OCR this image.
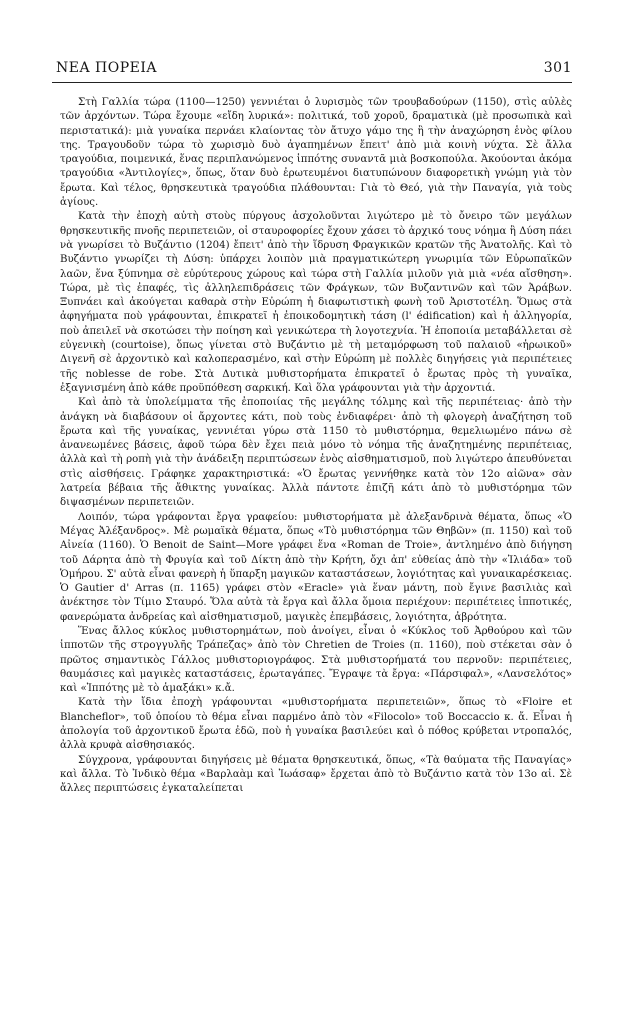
ΝΕΑ ΠΟΡΕΙΑ	301

Στὴ Γαλλία τώρα (1100—1250) γεννιέται ὁ λυρισμὸς τῶν τρουβαδούρων (1150), στὶς αὐλὲς τῶν ἀρχόντων. Τώρα ἔχουμε «εἴδη λυρικά»: πολιτικά, τοῦ χοροῦ, δραματικὰ (μὲ προσωπικὰ καὶ περιστατικά): μιὰ γυναίκα περνάει κλαίοντας τὸν ἄτυχο γάμο της ἢ τὴν ἀναχώρηση ἑνὸς φίλου της. Τραγουδοῦν τώρα τὸ χωρισμὸ δυὸ ἀγαπημένων ἔπειτ' ἀπὸ μιὰ κοινὴ νύχτα. Σὲ ἄλλα τραγούδια, ποιμενικά, ἕνας περιπλανώμενος ἱππότης συναντᾶ μιὰ βοσκοπούλα. Ἀκούονται ἀκόμα τραγούδια «Ἀντιλογίες», ὅπως, ὅταν δυὸ ἐρωτευμένοι διατυπώνουν διαφορετικὴ γνώμη γιὰ τὸν ἔρωτα. Καὶ τέλος, θρησκευτικὰ τραγούδια πλάθουνται: Γιὰ τὸ Θεό, γιὰ τὴν Παναγία, γιὰ τοὺς ἁγίους.

Κατὰ τὴν ἐποχὴ αὐτὴ στοὺς πύργους ἀσχολοῦνται λιγώτερο μὲ τὸ ὄνειρο τῶν μεγάλων θρησκευτικῆς πνοῆς περιπετειῶν, οἱ σταυροφορίες ἔχουν χάσει τὸ ἀρχικό τους νόημα ἢ Δύση πάει νὰ γνωρίσει τὸ Βυζάντιο (1204) ἔπειτ' ἀπὸ τὴν ἵδρυση Φραγκικῶν κρατῶν τῆς Ἀνατολῆς. Καὶ τὸ Βυζάντιο γνωρίζει τὴ Δύση: ὑπάρχει λοιπὸν μιὰ πραγματικώτερη γνωριμία τῶν Εὐρωπαϊκῶν λαῶν, ἕνα ξύπνημα σὲ εὐρύτερους χώρους καὶ τώρα στὴ Γαλλία μιλοῦν γιὰ μιὰ «νέα αἴσθηση». Τώρα, μὲ τὶς ἐπαφές, τὶς ἀλληλεπιδράσεις τῶν Φράγκων, τῶν Βυζαντινῶν καὶ τῶν Ἀράβων. Ξυπνάει καὶ ἀκούγεται καθαρὰ στὴν Εὐρώπη ἡ διαφωτιστικὴ φωνὴ τοῦ Ἀριστοτέλη. Ὅμως στὰ ἀφηγήματα ποὺ γράφουνται, ἐπικρατεῖ ἡ ἐποικοδομητικὴ τάση (l' édification) καὶ ἡ ἀλληγορία, ποὺ ἀπειλεῖ νὰ σκοτώσει τὴν ποίηση καὶ γενικώτερα τὴ λογοτεχνία. Ἡ ἐποποιία μεταβάλλεται σὲ εὐγενικὴ (courtoise), ὅπως γίνεται στὸ Βυζάντιο μὲ τὴ μεταμόρφωση τοῦ παλαιοῦ «ἡρωικοῦ» Διγενῆ σὲ ἀρχοντικὸ καὶ καλοπερασμένο, καὶ στὴν Εὐρώπη μὲ πολλὲς διηγήσεις γιὰ περιπέτειες τῆς noblesse de robe. Στὰ Δυτικὰ μυθιστορήματα ἐπικρατεῖ ὁ ἔρωτας πρὸς τὴ γυναῖκα, ἐξαγνισμένη ἀπὸ κάθε προϋπόθεση σαρκική. Καὶ ὅλα γράφουνται γιὰ τὴν ἀρχοντιά.

Καὶ ἀπὸ τὰ ὑπολείμματα τῆς ἐποποιίας τῆς μεγάλης τόλμης καὶ τῆς περιπέτειας· ἀπὸ τὴν ἀνάγκη νὰ διαβάσουν οἱ ἄρχοντες κάτι, ποὺ τοὺς ἐνδιαφέρει· ἀπὸ τὴ φλογερὴ ἀναζήτηση τοῦ ἔρωτα καὶ τῆς γυναίκας, γεννιέται γύρω στὰ 1150 τὸ μυθιστόρημα, θεμελιωμένο πάνω σὲ ἀνανεωμένες βάσεις, ἀφοῦ τώρα δὲν ἔχει πειὰ μόνο τὸ νόημα τῆς ἀναζητημένης περιπέτειας, ἀλλὰ καὶ τὴ ροπὴ γιὰ τὴν ἀνάδειξη περιπτώσεων ἑνὸς αἰσθηματισμοῦ, ποὺ λιγώτερο ἀπευθύνεται στὶς αἰσθήσεις. Γράφηκε χαρακτηριστικά: «Ὁ ἔρωτας γεννήθηκε κατὰ τὸν 12ο αἰῶνα» σὰν λατρεία βέβαια τῆς ἄθικτης γυναίκας. Ἀλλὰ πάντοτε ἐπιζῆ κάτι ἀπὸ τὸ μυθιστόρημα τῶν διψασμένων περιπετειῶν.

Λοιπόν, τώρα γράφονται ἔργα γραφείου: μυθιστορήματα μὲ ἀλεξανδρινὰ θέματα, ὅπως «Ὁ Μέγας Ἀλέξανδρος». Μὲ ρωμαϊκὰ θέματα, ὅπως «Τὸ μυθιστόρημα τῶν Θηβῶν» (π. 1150) καὶ τοῦ Αἰνεία (1160). Ὁ Benoit de Saint—More γράφει ἕνα «Roman de Troie», ἀντλημένο ἀπὸ διήγηση τοῦ Δάρητα ἀπὸ τὴ Φρυγία καὶ τοῦ Δίκτη ἀπὸ τὴν Κρήτη, ὄχι ἀπ' εὐθείας ἀπὸ τὴν «Ἰλιάδα» τοῦ Ὁμήρου. Σ' αὐτὰ εἶναι φανερὴ ἡ ὕπαρξη μαγικῶν καταστάσεων, λογιότητας καὶ γυναικαρέσκειας. Ὁ Gautier d' Arras (π. 1165) γράφει στὸν «Eracle» γιὰ ἕναν μάντη, ποὺ ἔγινε βασιλιὰς καὶ ἀνέκτησε τὸν Τίμιο Σταυρό. Ὅλα αὐτὰ τὰ ἔργα καὶ ἄλλα ὅμοια περιέχουν: περιπέτειες ἱπποτικές, φανερώματα ἀνδρείας καὶ αἰσθηματισμοῦ, μαγικὲς ἐπεμβάσεις, λογιότητα, ἀβρότητα.

Ἕνας ἄλλος κύκλος μυθιστορημάτων, ποὺ ἀνοίγει, εἶναι ὁ «Κύκλος τοῦ Ἀρθούρου καὶ τῶν ἱπποτῶν τῆς στρογγυλῆς Τράπεζας» ἀπὸ τὸν Chretien de Troies (π. 1160), ποὺ στέκεται σὰν ὁ πρῶτος σημαντικὸς Γάλλος μυθιστοριογράφος. Στὰ μυθιστορήματά του περνοῦν: περιπέτειες, θαυμάσιες καὶ μαγικὲς καταστάσεις, ἐρωταγάπες. Ἔγραψε τὰ ἔργα: «Πάρσιφαλ», «Λανσελότος» καὶ «Ἱππότης μὲ τὸ ἁμαξάκι» κ.ἄ.

Κατὰ τὴν ἴδια ἐποχὴ γράφουνται «μυθιστορήματα περιπετειῶν», ὅπως τὸ «Floire et Blancheflor», τοῦ ὁποίου τὸ θέμα εἶναι παρμένο ἀπὸ τὸν «Filocolo» τοῦ Boccaccio κ. ἄ. Εἶναι ἡ ἀπολογία τοῦ ἀρχοντικοῦ ἔρωτα ἐδῶ, ποὺ ἡ γυναίκα βασιλεύει καὶ ὁ πόθος κρύβεται ντροπαλός, ἀλλὰ κρυφὰ αἰσθησιακός.

Σύγχρονα, γράφουνται διηγήσεις μὲ θέματα θρησκευτικά, ὅπως, «Τὰ θαύματα τῆς Παναγίας» καὶ ἄλλα. Τὸ Ἰνδικὸ θέμα «Βαρλαὰμ καὶ Ἰωάσαφ» ἔρχεται ἀπὸ τὸ Βυζάντιο κατὰ τὸν 13ο αἰ. Σὲ ἄλλες περιπτώσεις ἐγκαταλείπεται
